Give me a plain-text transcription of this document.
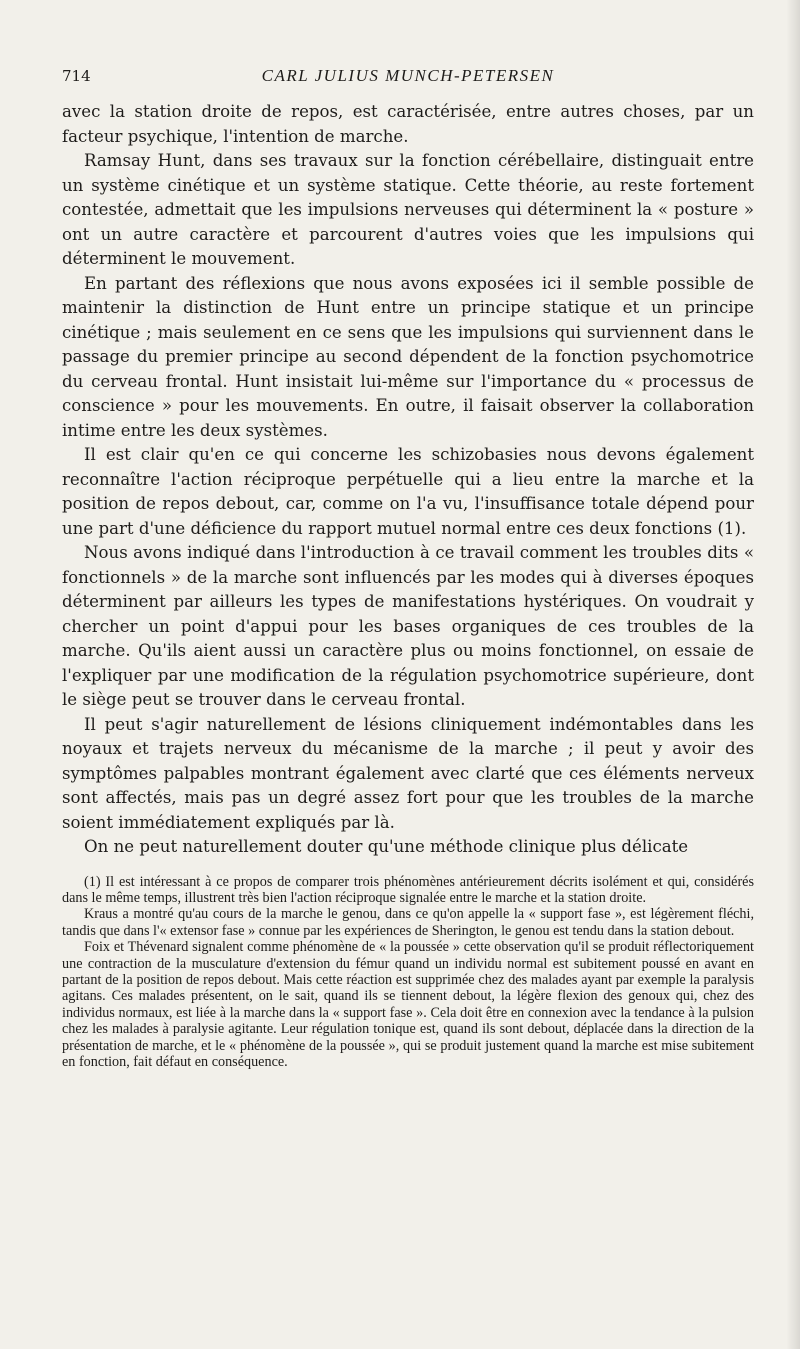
714	CARL JULIUS MUNCH-PETERSEN

avec la station droite de repos, est caractérisée, entre autres choses, par un facteur psychique, l'intention de marche.

Ramsay Hunt, dans ses travaux sur la fonction cérébellaire, distinguait entre un système cinétique et un système statique. Cette théorie, au reste fortement contestée, admettait que les impulsions nerveuses qui déterminent la « posture » ont un autre caractère et parcourent d'autres voies que les impulsions qui déterminent le mouvement.

En partant des réflexions que nous avons exposées ici il semble possible de maintenir la distinction de Hunt entre un principe statique et un principe cinétique ; mais seulement en ce sens que les impulsions qui surviennent dans le passage du premier principe au second dépendent de la fonction psychomotrice du cerveau frontal. Hunt insistait lui-même sur l'importance du « processus de conscience » pour les mouvements. En outre, il faisait observer la collaboration intime entre les deux systèmes.

Il est clair qu'en ce qui concerne les schizobasies nous devons également reconnaître l'action réciproque perpétuelle qui a lieu entre la marche et la position de repos debout, car, comme on l'a vu, l'insuffisance totale dépend pour une part d'une déficience du rapport mutuel normal entre ces deux fonctions (1).

Nous avons indiqué dans l'introduction à ce travail comment les troubles dits « fonctionnels » de la marche sont influencés par les modes qui à diverses époques déterminent par ailleurs les types de manifestations hystériques. On voudrait y chercher un point d'appui pour les bases organiques de ces troubles de la marche. Qu'ils aient aussi un caractère plus ou moins fonctionnel, on essaie de l'expliquer par une modification de la régulation psychomotrice supérieure, dont le siège peut se trouver dans le cerveau frontal.

Il peut s'agir naturellement de lésions cliniquement indémontables dans les noyaux et trajets nerveux du mécanisme de la marche ; il peut y avoir des symptômes palpables montrant également avec clarté que ces éléments nerveux sont affectés, mais pas un degré assez fort pour que les troubles de la marche soient immédiatement expliqués par là.

On ne peut naturellement douter qu'une méthode clinique plus délicate

(1) Il est intéressant à ce propos de comparer trois phénomènes antérieurement décrits isolément et qui, considérés dans le même temps, illustrent très bien l'action réciproque signalée entre le marche et la station droite.

Kraus a montré qu'au cours de la marche le genou, dans ce qu'on appelle la « support fase », est légèrement fléchi, tandis que dans l'« extensor fase » connue par les expériences de Sherington, le genou est tendu dans la station debout.

Foix et Thévenard signalent comme phénomène de « la poussée » cette observation qu'il se produit réflectoriquement une contraction de la musculature d'extension du fémur quand un individu normal est subitement poussé en avant en partant de la position de repos debout. Mais cette réaction est supprimée chez des malades ayant par exemple la paralysis agitans. Ces malades présentent, on le sait, quand ils se tiennent debout, la légère flexion des genoux qui, chez des individus normaux, est liée à la marche dans la « support fase ». Cela doit être en connexion avec la tendance à la pulsion chez les malades à paralysie agitante. Leur régulation tonique est, quand ils sont debout, déplacée dans la direction de la présentation de marche, et le « phénomène de la poussée », qui se produit justement quand la marche est mise subitement en fonction, fait défaut en conséquence.
